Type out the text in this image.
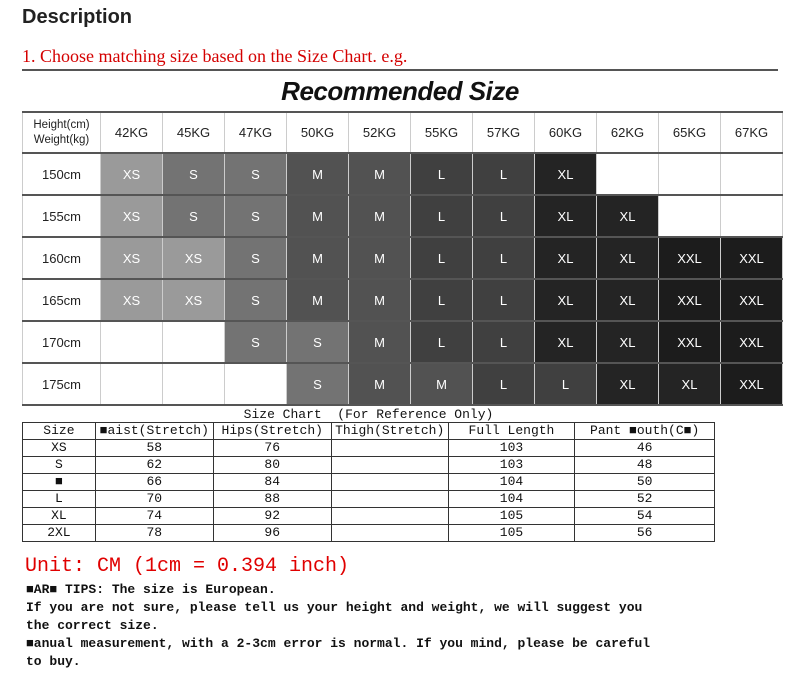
Description
1. Choose matching size based on the Size Chart. e.g.
Recommended Size
Height(cm)
Weight(kg)	42KG	45KG	47KG	50KG	52KG	55KG	57KG	60KG	62KG	65KG	67KG
150cm	XS	S	S	M	M	L	L	XL			
155cm	XS	S	S	M	M	L	L	XL	XL		
160cm	XS	XS	S	M	M	L	L	XL	XL	XXL	XXL
165cm	XS	XS	S	M	M	L	L	XL	XL	XXL	XXL
170cm			S	S	M	L	L	XL	XL	XXL	XXL
175cm				S	M	M	L	L	XL	XL	XXL
Size Chart  (For Reference Only)
Size	■aist(Stretch)	Hips(Stretch)	Thigh(Stretch)	Full Length	Pant ■outh(C■)
XS	58	76		103	46
S	62	80		103	48
■	66	84		104	50
L	70	88		104	52
XL	74	92		105	54
2XL	78	96		105	56
Unit: CM (1cm = 0.394 inch)
■AR■ TIPS: The size is European.
If you are not sure, please tell us your height and weight, we will suggest you
the correct size.
■anual measurement, with a 2-3cm error is normal. If you mind, please be careful
to buy.
